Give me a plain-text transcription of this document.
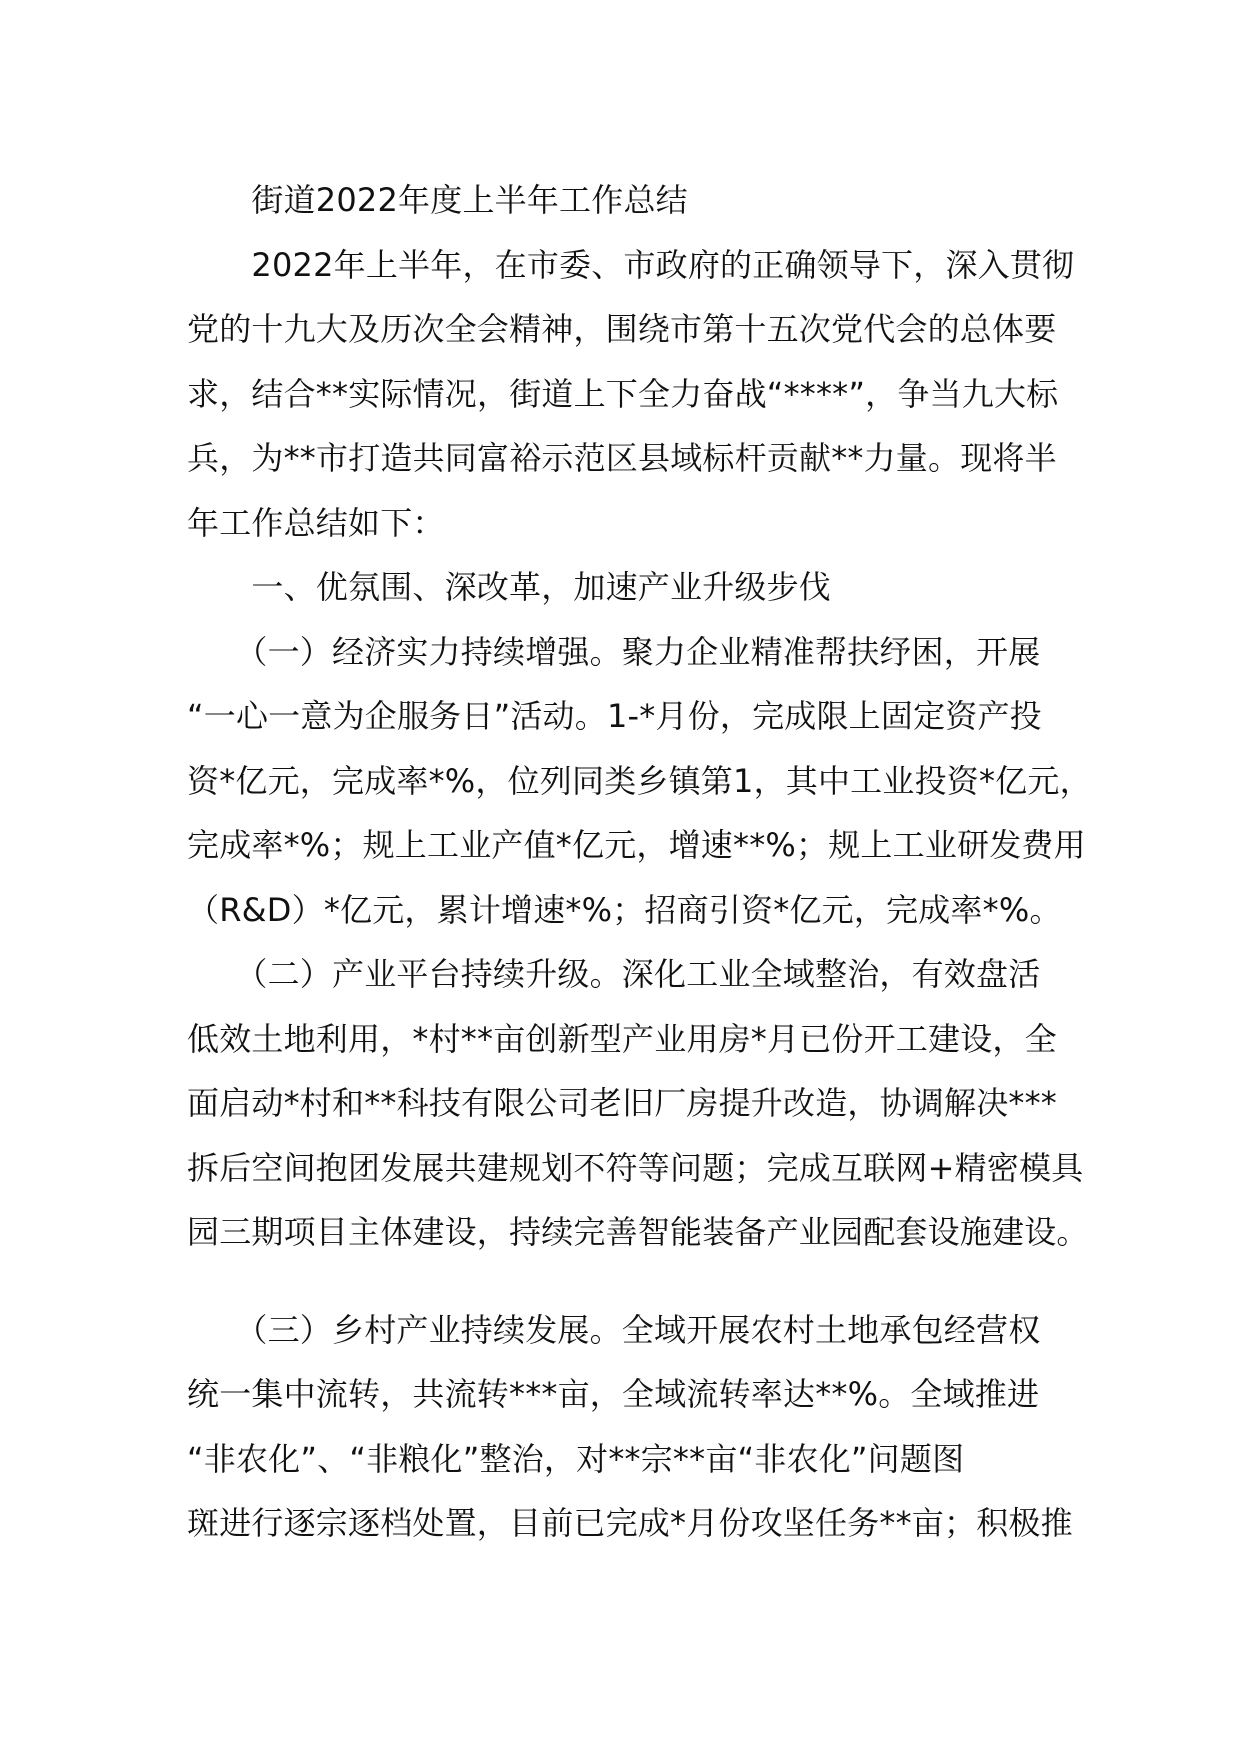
　　街道2022年度上半年工作总结
　　2022年上半年，在市委、市政府的正确领导下，深入贯彻
党的十九大及历次全会精神，围绕市第十五次党代会的总体要
求，结合**实际情况，街道上下全力奋战“****”，争当九大标
兵，为**市打造共同富裕示范区县域标杆贡献**力量。现将半
年工作总结如下：
　　一、优氛围、深改革，加速产业升级步伐
　　（一）经济实力持续增强。聚力企业精准帮扶纾困，开展
“一心一意为企服务日”活动。1-*月份，完成限上固定资产投
资*亿元，完成率*%，位列同类乡镇第1，其中工业投资*亿元，
完成率*%；规上工业产值*亿元，增速**%；规上工业研发费用
（R&D）*亿元，累计增速*%；招商引资*亿元，完成率*%。
　　（二）产业平台持续升级。深化工业全域整治，有效盘活
低效土地利用，*村**亩创新型产业用房*月已份开工建设，全
面启动*村和**科技有限公司老旧厂房提升改造，协调解决***
拆后空间抱团发展共建规划不符等问题；完成互联网+精密模具
园三期项目主体建设，持续完善智能装备产业园配套设施建设。
　　（三）乡村产业持续发展。全域开展农村土地承包经营权
统一集中流转，共流转***亩，全域流转率达**%。全域推进
“非农化”、“非粮化”整治，对**宗**亩“非农化”问题图
斑进行逐宗逐档处置，目前已完成*月份攻坚任务**亩；积极推
